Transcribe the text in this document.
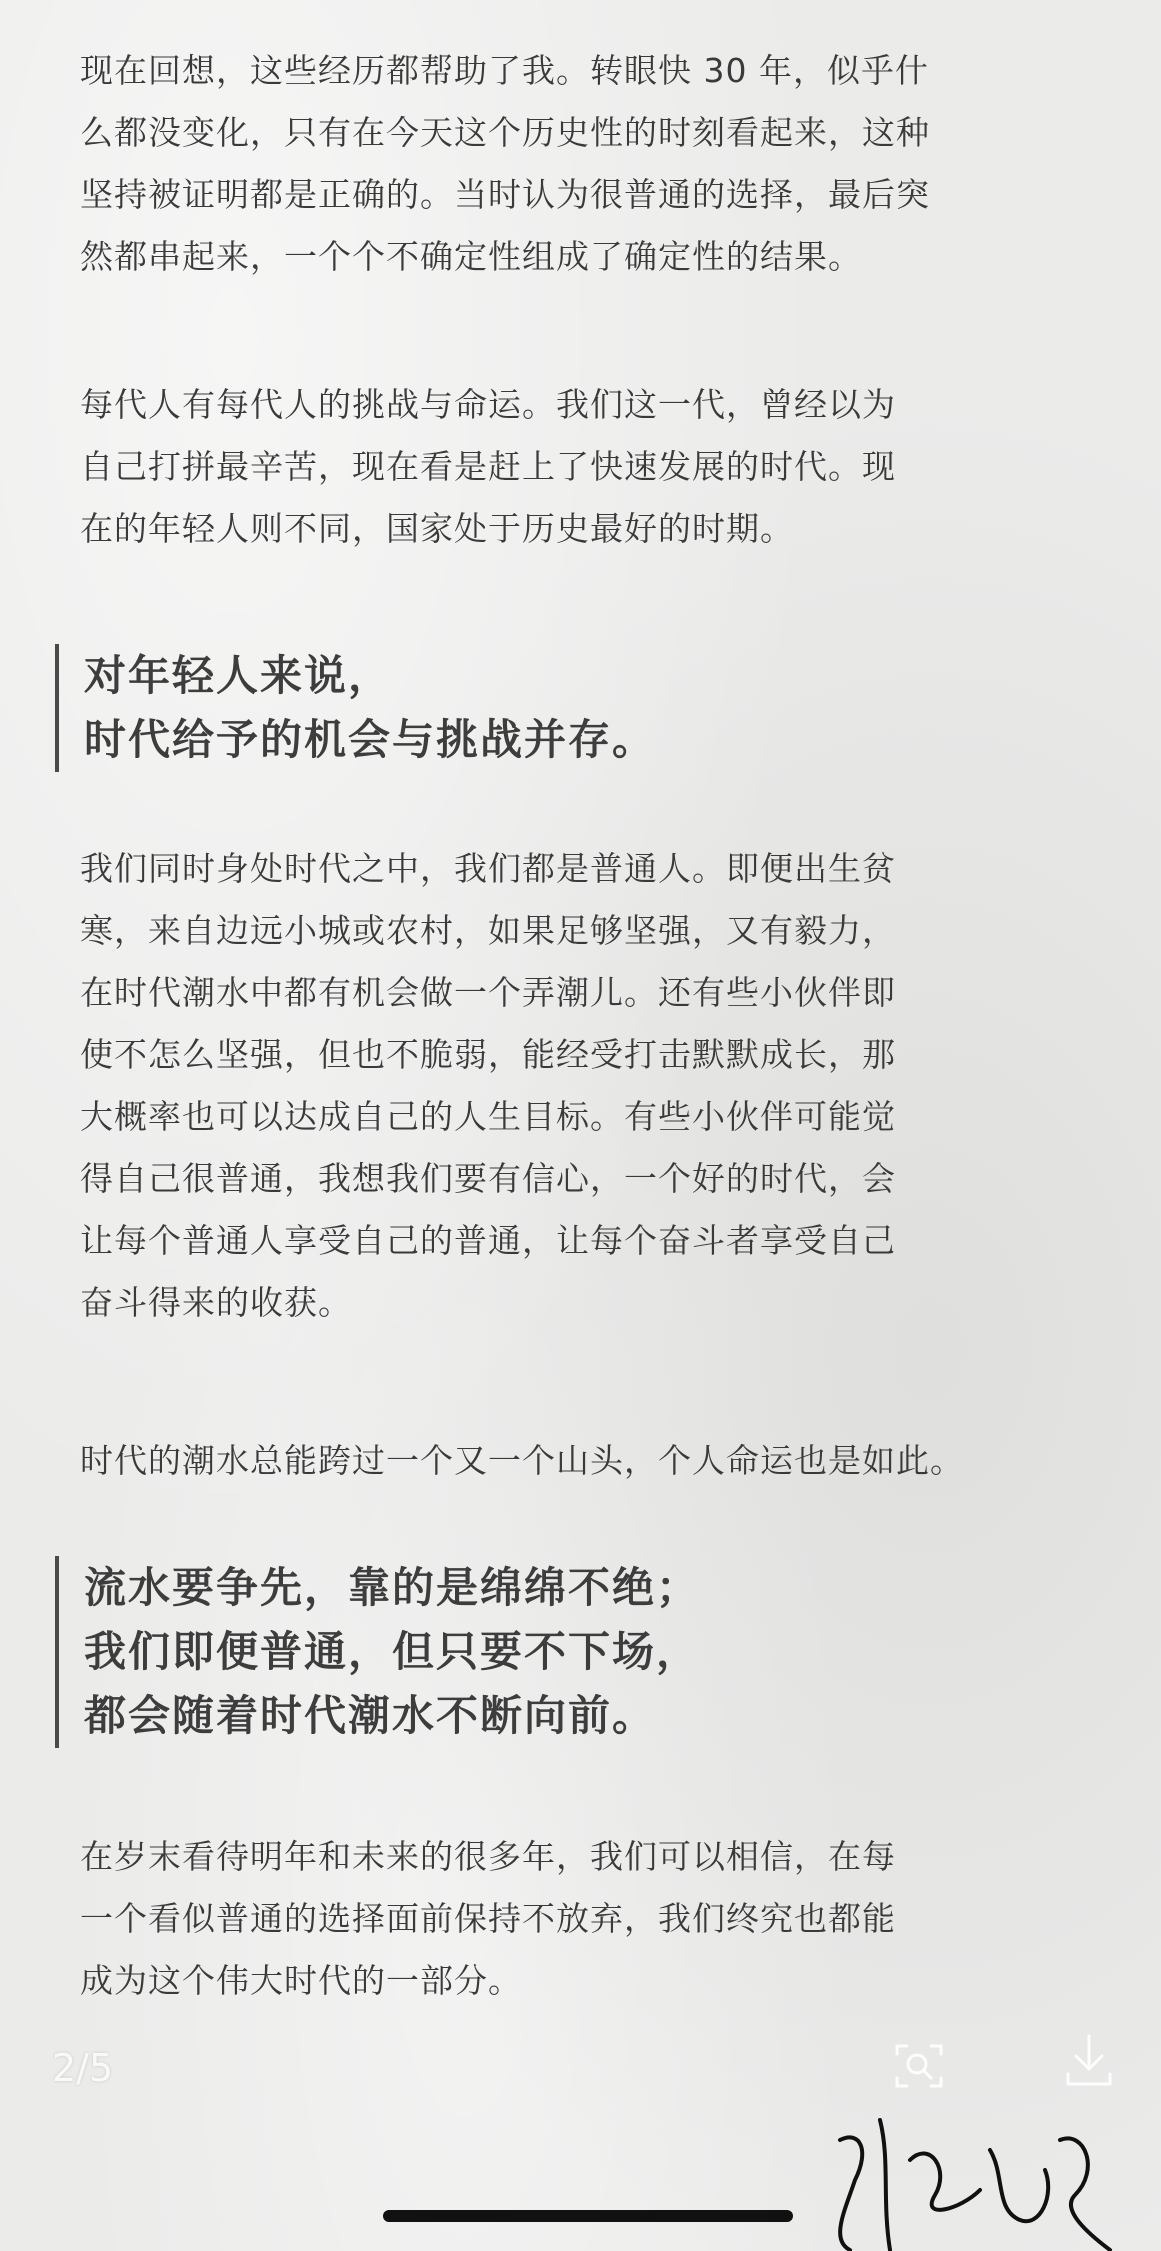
现在回想，这些经历都帮助了我。转眼快 30 年，似乎什
么都没变化，只有在今天这个历史性的时刻看起来，这种
坚持被证明都是正确的。当时认为很普通的选择，最后突
然都串起来，一个个不确定性组成了确定性的结果。
每代人有每代人的挑战与命运。我们这一代，曾经以为
自己打拼最辛苦，现在看是赶上了快速发展的时代。现
在的年轻人则不同，国家处于历史最好的时期。
对年轻人来说，
时代给予的机会与挑战并存。
我们同时身处时代之中，我们都是普通人。即便出生贫
寒，来自边远小城或农村，如果足够坚强，又有毅力，
在时代潮水中都有机会做一个弄潮儿。还有些小伙伴即
使不怎么坚强，但也不脆弱，能经受打击默默成长，那
大概率也可以达成自己的人生目标。有些小伙伴可能觉
得自己很普通，我想我们要有信心，一个好的时代，会
让每个普通人享受自己的普通，让每个奋斗者享受自己
奋斗得来的收获。
时代的潮水总能跨过一个又一个山头，个人命运也是如此。
流水要争先，靠的是绵绵不绝；
我们即便普通，但只要不下场，
都会随着时代潮水不断向前。
在岁末看待明年和未来的很多年，我们可以相信，在每
一个看似普通的选择面前保持不放弃，我们终究也都能
成为这个伟大时代的一部分。
2/5
